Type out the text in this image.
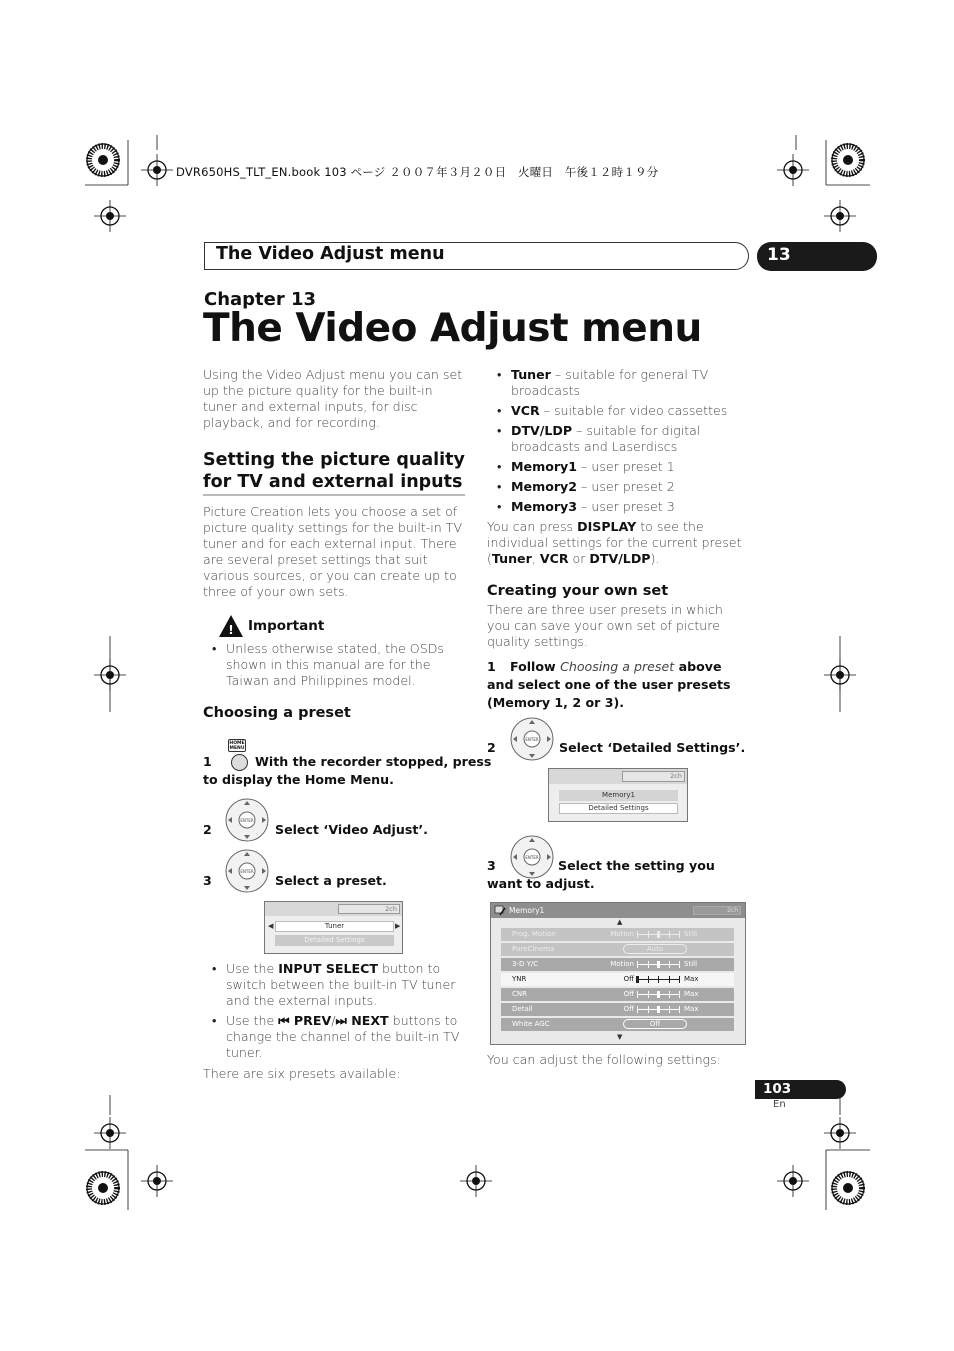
DVR650HS_TLT_EN.book 103 ページ ２００７年３月２０日　火曜日　午後１２時１９分
The Video Adjust menu	13
Chapter 13
The Video Adjust menu
Using the Video Adjust menu you can set up the picture quality for the built-in tuner and external inputs, for disc playback, and for recording.
Setting the picture quality for TV and external inputs
Picture Creation lets you choose a set of picture quality settings for the built-in TV tuner and for each external input. There are several preset settings that suit various sources, or you can create up to three of your own sets.
! Important
• Unless otherwise stated, the OSDs shown in this manual are for the Taiwan and Philippines model.
Choosing a preset
HOME
MENU
1	With the recorder stopped, press
to display the Home Menu.
ENTER
2	Select ‘Video Adjust’.
ENTER
3	Select a preset.
2ch
◀	Tuner	▶
Detailed Settings
• Use the INPUT SELECT button to switch between the built-in TV tuner and the external inputs.
• Use the ⏮ PREV/⏭ NEXT buttons to change the channel of the built-in TV tuner.
There are six presets available:
• Tuner – suitable for general TV broadcasts
• VCR – suitable for video cassettes
• DTV/LDP – suitable for digital broadcasts and Laserdiscs
• Memory1 – user preset 1
• Memory2 – user preset 2
• Memory3 – user preset 3
You can press DISPLAY to see the individual settings for the current preset (Tuner, VCR or DTV/LDP).
Creating your own set
There are three user presets in which you can save your own set of picture quality settings.
1	Follow Choosing a preset above and select one of the user presets (Memory 1, 2 or 3).
ENTER
2	Select ‘Detailed Settings’.
2ch
Memory1
Detailed Settings
ENTER
3	Select the setting you want to adjust.
Memory1	2ch
▲
Prog. Motion	Motion	Still
PureCinema	Auto
3-D Y/C	Motion	Still
YNR	Off	Max
CNR	Off	Max
Detail	Off	Max
White AGC	Off
▼
You can adjust the following settings:
103
En
